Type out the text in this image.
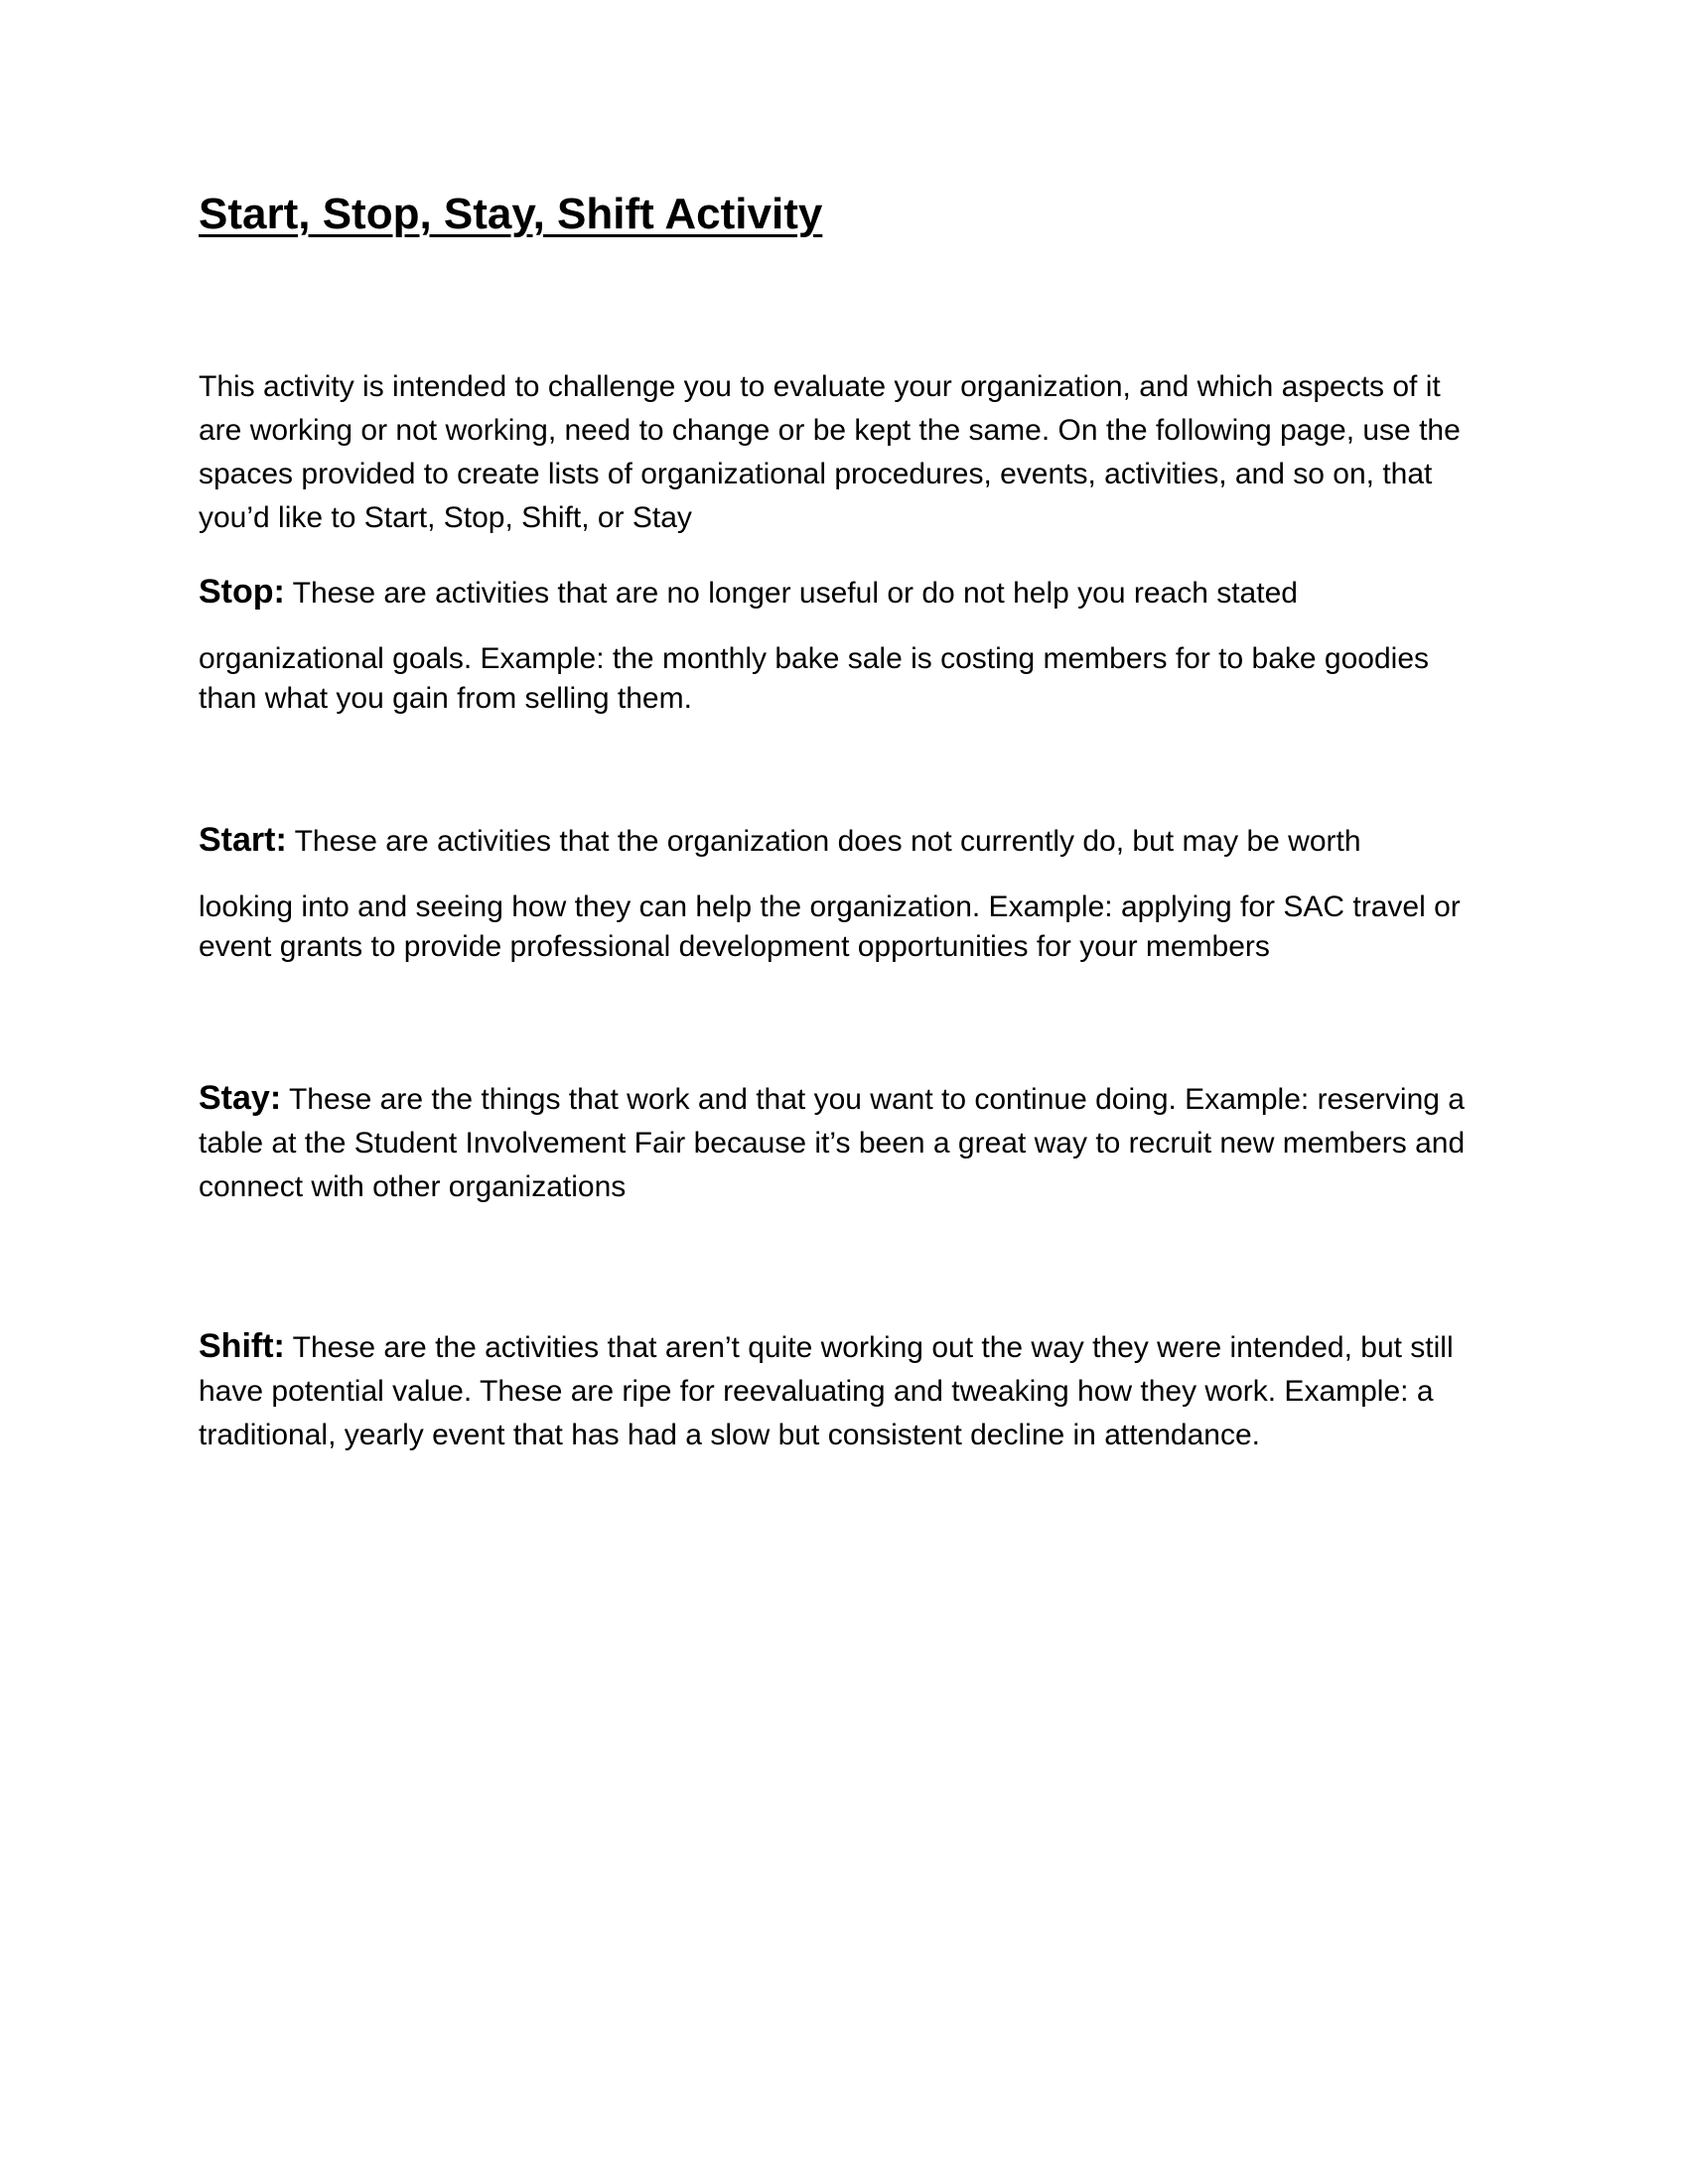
Start, Stop, Stay, Shift Activity

This activity is intended to challenge you to evaluate your organization, and which aspects of it are working or not working, need to change or be kept the same. On the following page, use the spaces provided to create lists of organizational procedures, events, activities, and so on, that you’d like to Start, Stop, Shift, or Stay

Stop: These are activities that are no longer useful or do not help you reach stated

organizational goals. Example: the monthly bake sale is costing members for to bake goodies than what you gain from selling them.

Start: These are activities that the organization does not currently do, but may be worth

looking into and seeing how they can help the organization. Example: applying for SAC travel or event grants to provide professional development opportunities for your members

Stay: These are the things that work and that you want to continue doing. Example: reserving a table at the Student Involvement Fair because it’s been a great way to recruit new members and connect with other organizations

Shift: These are the activities that aren’t quite working out the way they were intended, but still have potential value. These are ripe for reevaluating and tweaking how they work. Example: a traditional, yearly event that has had a slow but consistent decline in attendance.
